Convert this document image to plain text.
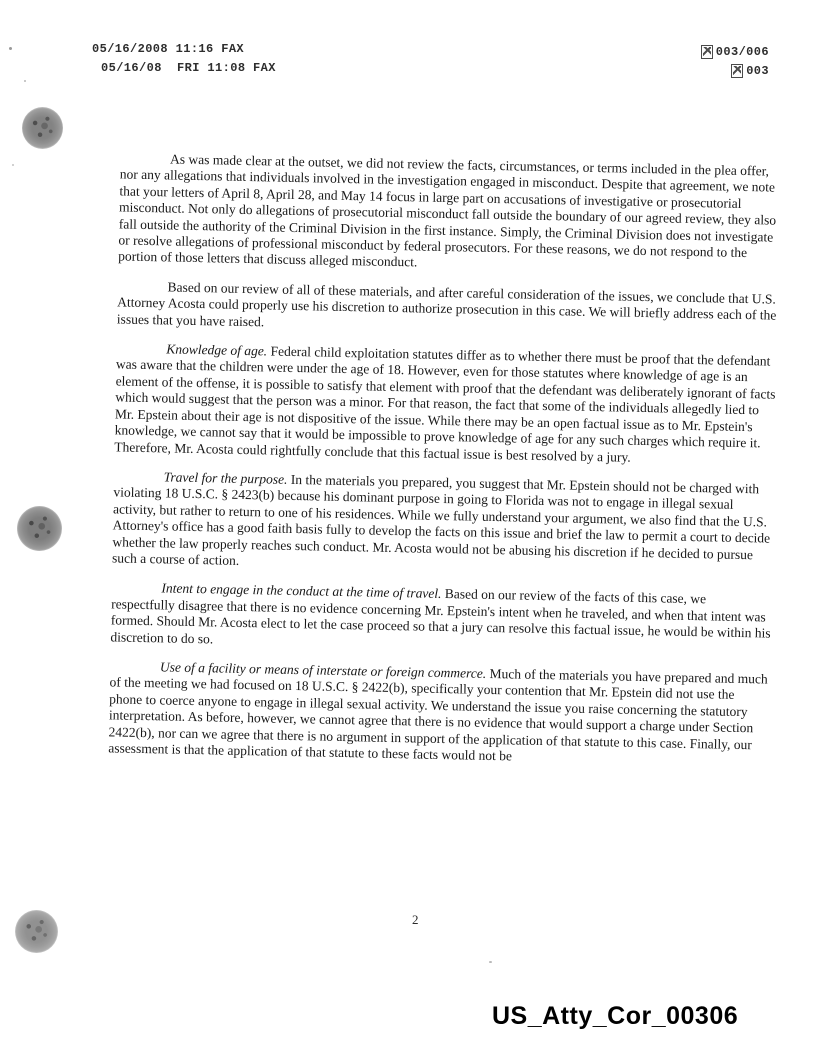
05/16/2008 11:16 FAX
05/16/08  FRI 11:08 FAX
003/006
003

As was made clear at the outset, we did not review the facts, circumstances, or terms included in the plea offer, nor any allegations that individuals involved in the investigation engaged in misconduct. Despite that agreement, we note that your letters of April 8, April 28, and May 14 focus in large part on accusations of investigative or prosecutorial misconduct. Not only do allegations of prosecutorial misconduct fall outside the boundary of our agreed review, they also fall outside the authority of the Criminal Division in the first instance. Simply, the Criminal Division does not investigate or resolve allegations of professional misconduct by federal prosecutors. For these reasons, we do not respond to the portion of those letters that discuss alleged misconduct.

Based on our review of all of these materials, and after careful consideration of the issues, we conclude that U.S. Attorney Acosta could properly use his discretion to authorize prosecution in this case. We will briefly address each of the issues that you have raised.

Knowledge of age. Federal child exploitation statutes differ as to whether there must be proof that the defendant was aware that the children were under the age of 18. However, even for those statutes where knowledge of age is an element of the offense, it is possible to satisfy that element with proof that the defendant was deliberately ignorant of facts which would suggest that the person was a minor. For that reason, the fact that some of the individuals allegedly lied to Mr. Epstein about their age is not dispositive of the issue. While there may be an open factual issue as to Mr. Epstein's knowledge, we cannot say that it would be impossible to prove knowledge of age for any such charges which require it. Therefore, Mr. Acosta could rightfully conclude that this factual issue is best resolved by a jury.

Travel for the purpose. In the materials you prepared, you suggest that Mr. Epstein should not be charged with violating 18 U.S.C. § 2423(b) because his dominant purpose in going to Florida was not to engage in illegal sexual activity, but rather to return to one of his residences. While we fully understand your argument, we also find that the U.S. Attorney's office has a good faith basis fully to develop the facts on this issue and brief the law to permit a court to decide whether the law properly reaches such conduct. Mr. Acosta would not be abusing his discretion if he decided to pursue such a course of action.

Intent to engage in the conduct at the time of travel. Based on our review of the facts of this case, we respectfully disagree that there is no evidence concerning Mr. Epstein's intent when he traveled, and when that intent was formed. Should Mr. Acosta elect to let the case proceed so that a jury can resolve this factual issue, he would be within his discretion to do so.

Use of a facility or means of interstate or foreign commerce. Much of the materials you have prepared and much of the meeting we had focused on 18 U.S.C. § 2422(b), specifically your contention that Mr. Epstein did not use the phone to coerce anyone to engage in illegal sexual activity. We understand the issue you raise concerning the statutory interpretation. As before, however, we cannot agree that there is no evidence that would support a charge under Section 2422(b), nor can we agree that there is no argument in support of the application of that statute to this case. Finally, our assessment is that the application of that statute to these facts would not be

2
US_Atty_Cor_00306
